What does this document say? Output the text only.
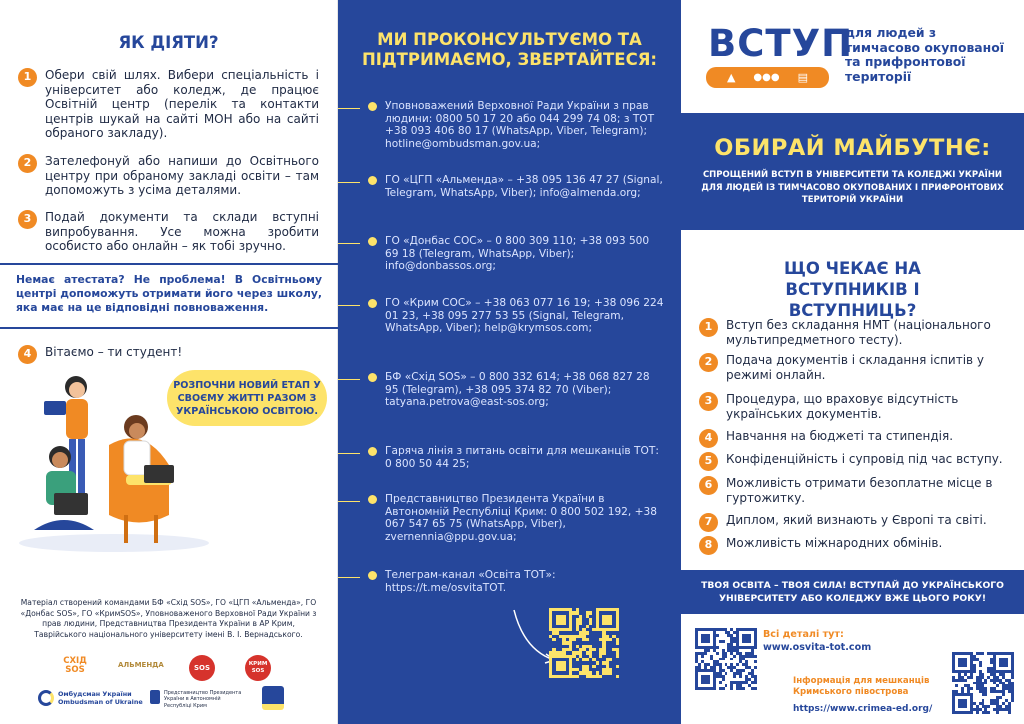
ЯК ДІЯТИ?
1	Обери свій шлях. Вибери спеціальність і університет або коледж, де працює Освітній центр (перелік та контакти центрів шукай на сайті МОН або на сайті обраного закладу).

2	Зателефонуй або напиши до Освітнього центру при обраному закладі освіти – там допоможуть з усіма деталями.

3	Подай документи та склади вступні випробування. Усе можна зробити особисто або онлайн – як тобі зручно.

Немає атестата? Не проблема! В Освітньому центрі допоможуть отримати його через школу, яка має на це відповідні повноваження.
4	Вітаємо – ти студент!

РОЗПОЧНИ НОВИЙ ЕТАП У СВОЄМУ ЖИТТІ РАЗОМ З УКРАЇНСЬКОЮ ОСВІТОЮ.
Матеріал створений командами БФ «Схід SOS», ГО «ЦГП «Альменда», ГО «Донбас SOS», ГО «КримSOS», Уповноваженого Верховної Ради України з прав людини, Представництва Президента України в АР Крим, Таврійського національного університету імені В. І. Вернадського.
СХІД SOS	АЛЬМЕНДА	SOS	КРИМ SOS
Омбудсман України Ombudsman of Ukraine
Представництво Президента України в Автономній Республіці Крим
МИ ПРОКОНСУЛЬТУЄМО ТА ПІДТРИМАЄМО, ЗВЕРТАЙТЕСЯ:
Уповноважений Верховної Ради України з прав людини: 0800 50 17 20 або 044 299 74 08; з ТОТ +38 093 406 80 17 (WhatsApp, Viber, Telegram); hotline@ombudsman.gov.ua;
ГО «ЦГП «Альменда» – +38 095 136 47 27 (Signal, Telegram, WhatsApp, Viber); info@almenda.org;
ГО «Донбас СОС» – 0 800 309 110; +38 093 500 69 18 (Telegram, WhatsApp, Viber); info@donbassos.org;
ГО «Крим СОС» – +38 063 077 16 19; +38 096 224 01 23, +38 095 277 53 55 (Signal, Telegram, WhatsApp, Viber); help@krymsos.com;
БФ «Схід SOS» – 0 800 332 614; +38 068 827 28 95 (Telegram), +38 095 374 82 70 (Viber); tatyana.petrova@east-sos.org;
Гаряча лінія з питань освіти для мешканців ТОТ: 0 800 50 44 25;
Представництво Президента України в Автономній Республіці Крим: 0 800 502 192, +38 067 547 65 75 (WhatsApp, Viber), zvernennia@ppu.gov.ua;
Телеграм-канал «Освіта ТОТ»: https://t.me/osvitaTOT.
ВСТУП
▲ ●●● ▤
для людей з тимчасово окупованої та прифронтової території
ОБИРАЙ МАЙБУТНЄ:

СПРОЩЕНИЙ ВСТУП В УНІВЕРСИТЕТИ ТА КОЛЕДЖІ УКРАЇНИ ДЛЯ ЛЮДЕЙ ІЗ ТИМЧАСОВО ОКУПОВАНИХ І ПРИФРОНТОВИХ ТЕРИТОРІЙ УКРАЇНИ

ЩО ЧЕКАЄ НА ВСТУПНИКІВ І ВСТУПНИЦЬ?
1	Вступ без складання НМТ (національного мультипредметного тесту).
2	Подача документів і складання іспитів у режимі онлайн.
3	Процедура, що враховує відсутність українських документів.
4	Навчання на бюджеті та стипендія.
5	Конфіденційність і супровід під час вступу.
6	Можливість отримати безоплатне місце в гуртожитку.
7	Диплом, який визнають у Європі та світі.
8	Можливість міжнародних обмінів.
ТВОЯ ОСВІТА – ТВОЯ СИЛА! ВСТУПАЙ ДО УКРАЇНСЬКОГО УНІВЕРСИТЕТУ АБО КОЛЕДЖУ ВЖЕ ЦЬОГО РОКУ!
Всі деталі тут:
www.osvita-tot.com
Інформація для мешканців Кримського півострова
https://www.crimea-ed.org/
